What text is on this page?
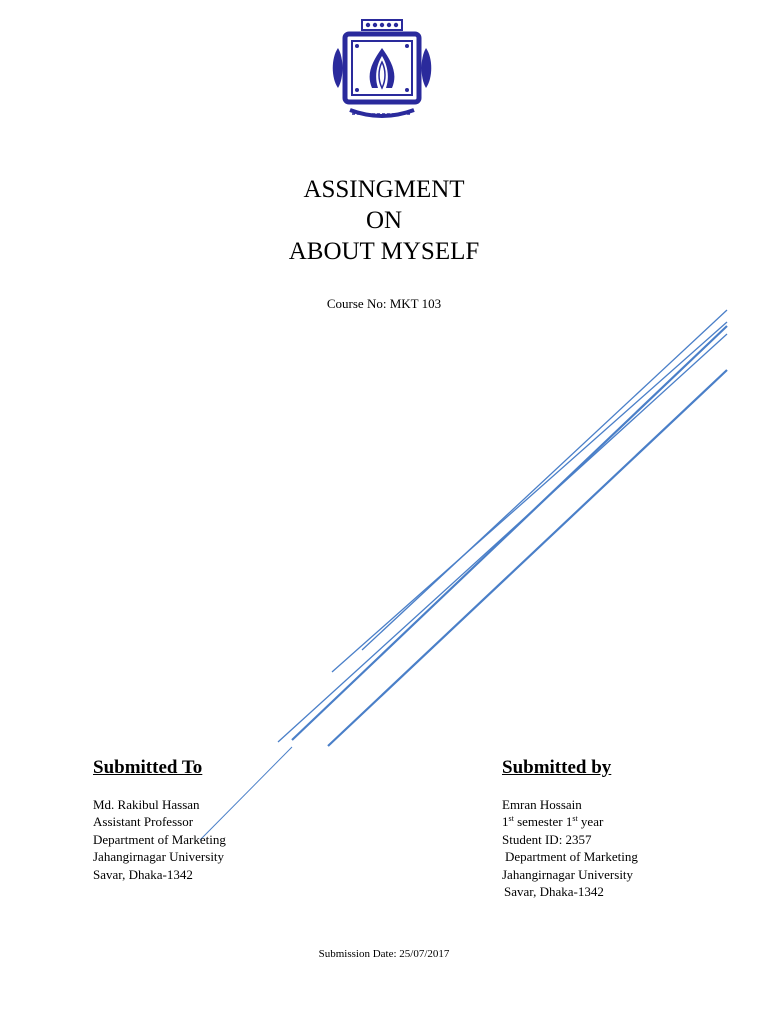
ASSINGMENT
ON
ABOUT MYSELF
Course No: MKT 103
Submitted To
Md. Rakibul Hassan
Assistant Professor
Department of Marketing
Jahangirnagar University
Savar, Dhaka-1342
Submitted by
Emran Hossain
1st semester 1st year
Student ID: 2357
Department of Marketing
Jahangirnagar University
Savar, Dhaka-1342
Submission Date: 25/07/2017
